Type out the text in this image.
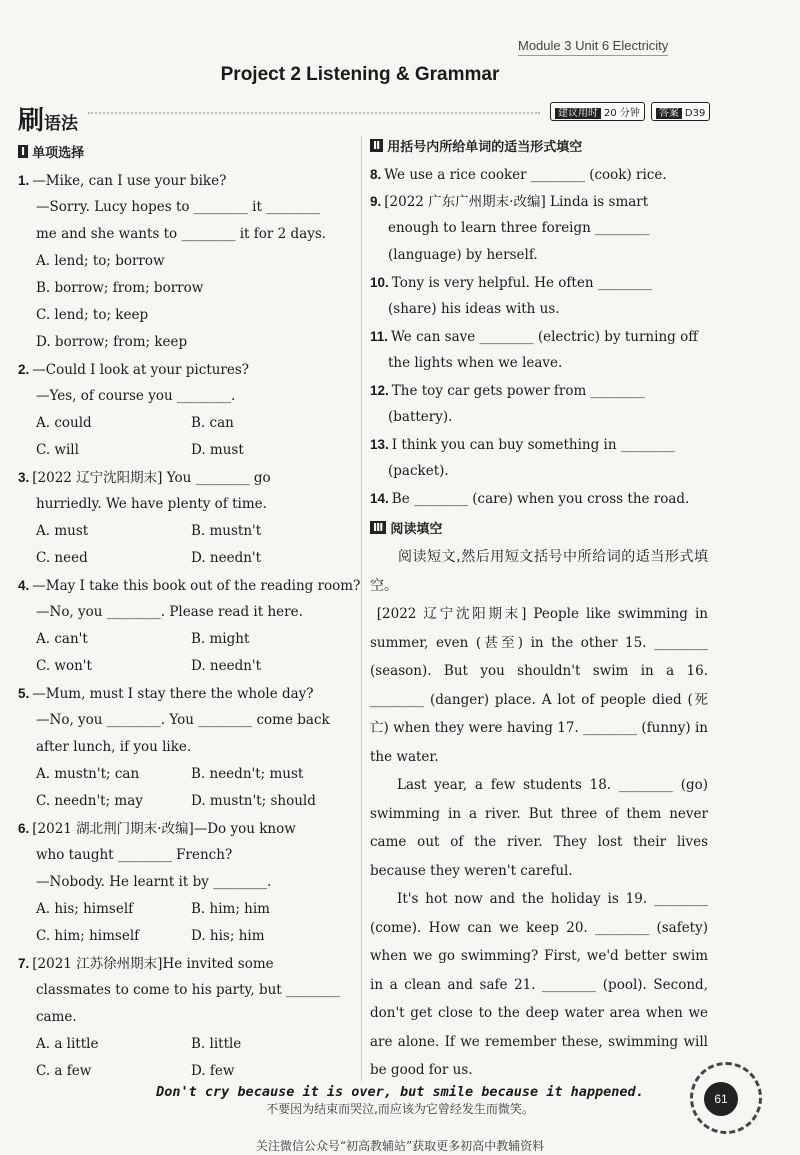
Module 3 Unit 6 Electricity
Project 2 Listening & Grammar
刷语法
建议用时 20 分钟	答案 D39
Ⅰ 单项选择
1. —Mike, can I use your bike?
—Sorry. Lucy hopes to ________ it ________
me and she wants to ________ it for 2 days.
A. lend; to; borrow
B. borrow; from; borrow
C. lend; to; keep
D. borrow; from; keep
2. —Could I look at your pictures?
—Yes, of course you ________.
A. could	B. can
C. will	D. must
3. [2022 辽宁沈阳期末] You ________ go
hurriedly. We have plenty of time.
A. must	B. mustn't
C. need	D. needn't
4. —May I take this book out of the reading room?
—No, you ________. Please read it here.
A. can't	B. might
C. won't	D. needn't
5. —Mum, must I stay there the whole day?
—No, you ________. You ________ come back
after lunch, if you like.
A. mustn't; can	B. needn't; must
C. needn't; may	D. mustn't; should
6. [2021 湖北荆门期末·改编]—Do you know
who taught ________ French?
—Nobody. He learnt it by ________.
A. his; himself	B. him; him
C. him; himself	D. his; him
7. [2021 江苏徐州期末]He invited some
classmates to come to his party, but ________
came.
A. a little	B. little
C. a few	D. few
Ⅱ 用括号内所给单词的适当形式填空
8. We use a rice cooker ________ (cook) rice.
9. [2022 广东广州期末·改编] Linda is smart
enough to learn three foreign ________
(language) by herself.
10. Tony is very helpful. He often ________
(share) his ideas with us.
11. We can save ________ (electric) by turning off
the lights when we leave.
12. The toy car gets power from ________
(battery).
13. I think you can buy something in ________
(packet).
14. Be ________ (care) when you cross the road.
Ⅲ 阅读填空

阅读短文,然后用短文括号中所给词的适当形式填空。

[2022 辽宁沈阳期末] People like swimming in summer, even (甚至) in the other 15. ________ (season). But you shouldn't swim in a 16. ________ (danger) place. A lot of people died (死亡) when they were having 17. ________ (funny) in the water.

Last year, a few students 18. ________ (go) swimming in a river. But three of them never came out of the river. They lost their lives because they weren't careful.

It's hot now and the holiday is 19. ________ (come). How can we keep 20. ________ (safety) when we go swimming? First, we'd better swim in a clean and safe 21. ________ (pool). Second, don't get close to the deep water area when we are alone. If we remember these, swimming will be good for us.

61
Don't cry because it is over, but smile because it happened.
不要因为结束而哭泣,而应该为它曾经发生而微笑。
关注微信公众号“初高教辅站”获取更多初高中教辅资料
